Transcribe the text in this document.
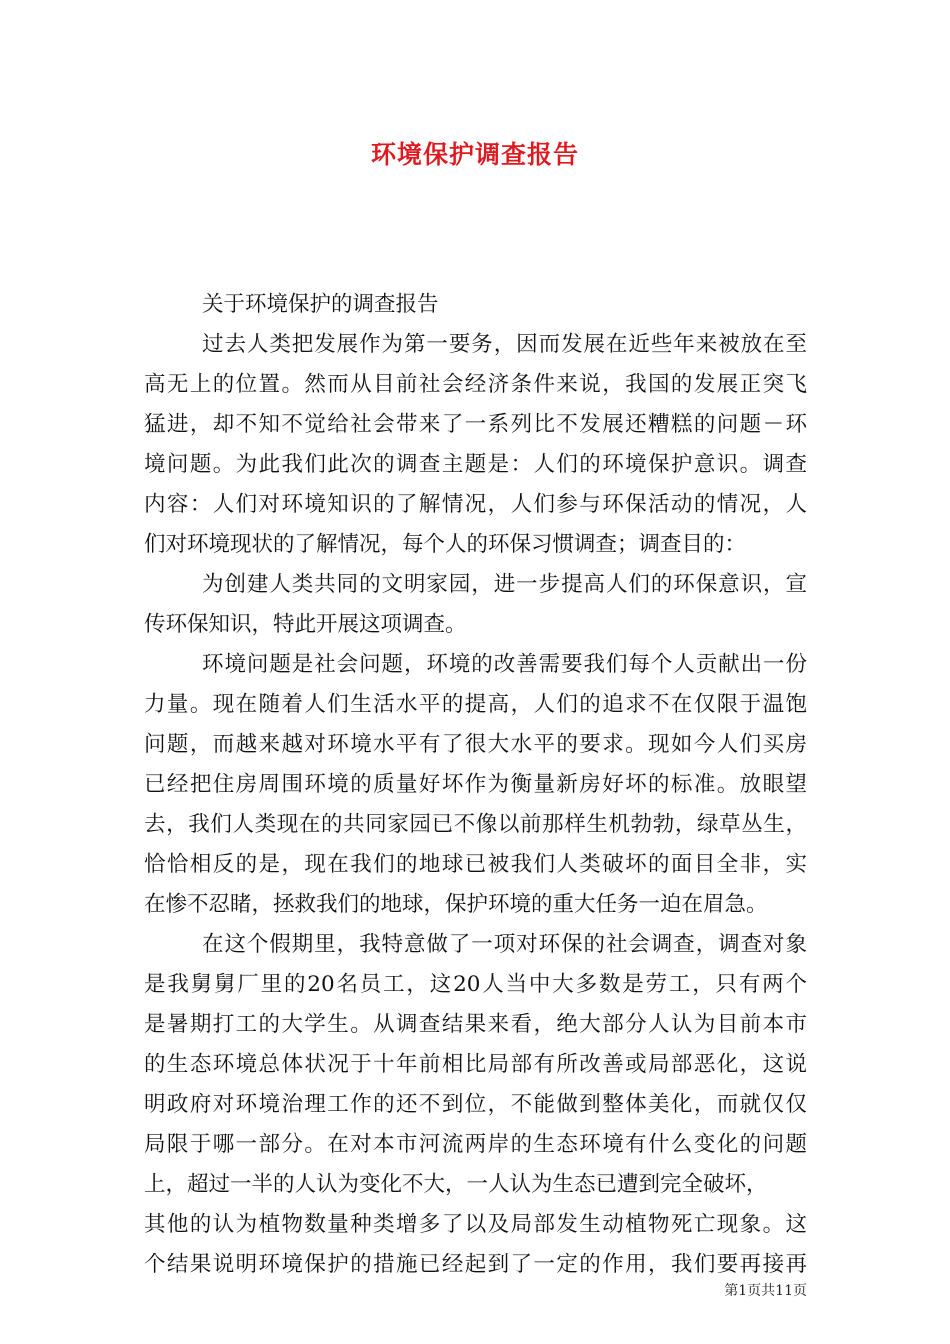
环境保护调查报告
关于环境保护的调查报告
过去人类把发展作为第一要务，因而发展在近些年来被放在至
高无上的位置。然而从目前社会经济条件来说，我国的发展正突飞
猛进，却不知不觉给社会带来了一系列比不发展还糟糕的问题－环
境问题。为此我们此次的调查主题是：人们的环境保护意识。调查
内容：人们对环境知识的了解情况，人们参与环保活动的情况，人
们对环境现状的了解情况，每个人的环保习惯调查；调查目的：
为创建人类共同的文明家园，进一步提高人们的环保意识，宣
传环保知识，特此开展这项调查。
环境问题是社会问题，环境的改善需要我们每个人贡献出一份
力量。现在随着人们生活水平的提高，人们的追求不在仅限于温饱
问题，而越来越对环境水平有了很大水平的要求。现如今人们买房
已经把住房周围环境的质量好坏作为衡量新房好坏的标准。放眼望
去，我们人类现在的共同家园已不像以前那样生机勃勃，绿草丛生，
恰恰相反的是，现在我们的地球已被我们人类破坏的面目全非，实
在惨不忍睹，拯救我们的地球，保护环境的重大任务一迫在眉急。
在这个假期里，我特意做了一项对环保的社会调查，调查对象
是我舅舅厂里的20名员工，这20人当中大多数是劳工，只有两个
是暑期打工的大学生。从调查结果来看，绝大部分人认为目前本市
的生态环境总体状况于十年前相比局部有所改善或局部恶化，这说
明政府对环境治理工作的还不到位，不能做到整体美化，而就仅仅
局限于哪一部分。在对本市河流两岸的生态环境有什么变化的问题
上，超过一半的人认为变化不大，一人认为生态已遭到完全破坏，
其他的认为植物数量种类增多了以及局部发生动植物死亡现象。这
个结果说明环境保护的措施已经起到了一定的作用，我们要再接再
第1页共11页
